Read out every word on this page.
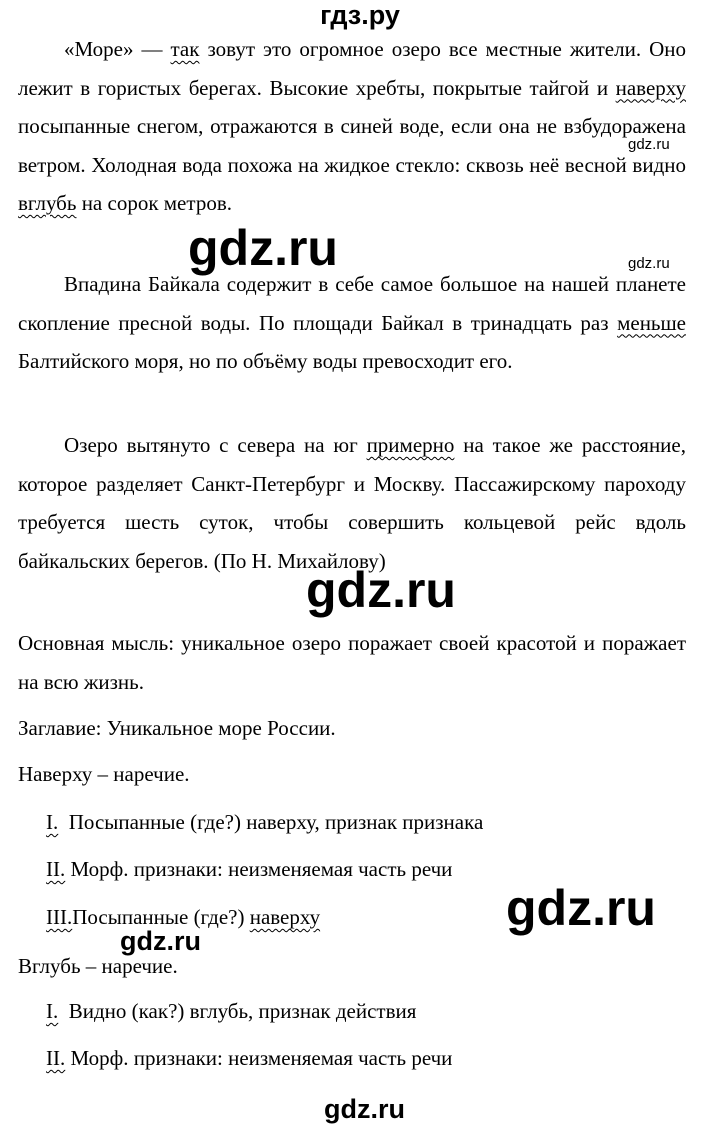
гдз.ру

«Море» — так зовут это огромное озеро все местные жители. Оно лежит в гористых берегах. Высокие хребты, покрытые тайгой и наверху посыпанные снегом, отражаются в синей воде, если она не взбудоражена ветром. Холодная вода похожа на жидкое стекло: сквозь неё весной видно вглубь на сорок метров.

Впадина Байкала содержит в себе самое большое на нашей планете скопление пресной воды. По площади Байкал в тринадцать раз меньше Балтийского моря, но по объёму воды превосходит его.

Озеро вытянуто с севера на юг примерно на такое же расстояние, которое разделяет Санкт-Петербург и Москву. Пассажирскому пароходу требуется шесть суток, чтобы совершить кольцевой рейс вдоль байкальских берегов. (По Н. Михайлову)

Основная мысль: уникальное озеро поражает своей красотой и поражает на всю жизнь.

Заглавие: Уникальное море России.

Наверху – наречие.

I. Посыпанные (где?) наверху, признак признака

II. Морф. признаки: неизменяемая часть речи

III.Посыпанные (где?) наверху

Вглубь – наречие.

I. Видно (как?) вглубь, признак действия

II. Морф. признаки: неизменяемая часть речи

gdz.ru
gdz.ru
gdz.ru
gdz.ru
gdz.ru
gdz.ru
gdz.ru
